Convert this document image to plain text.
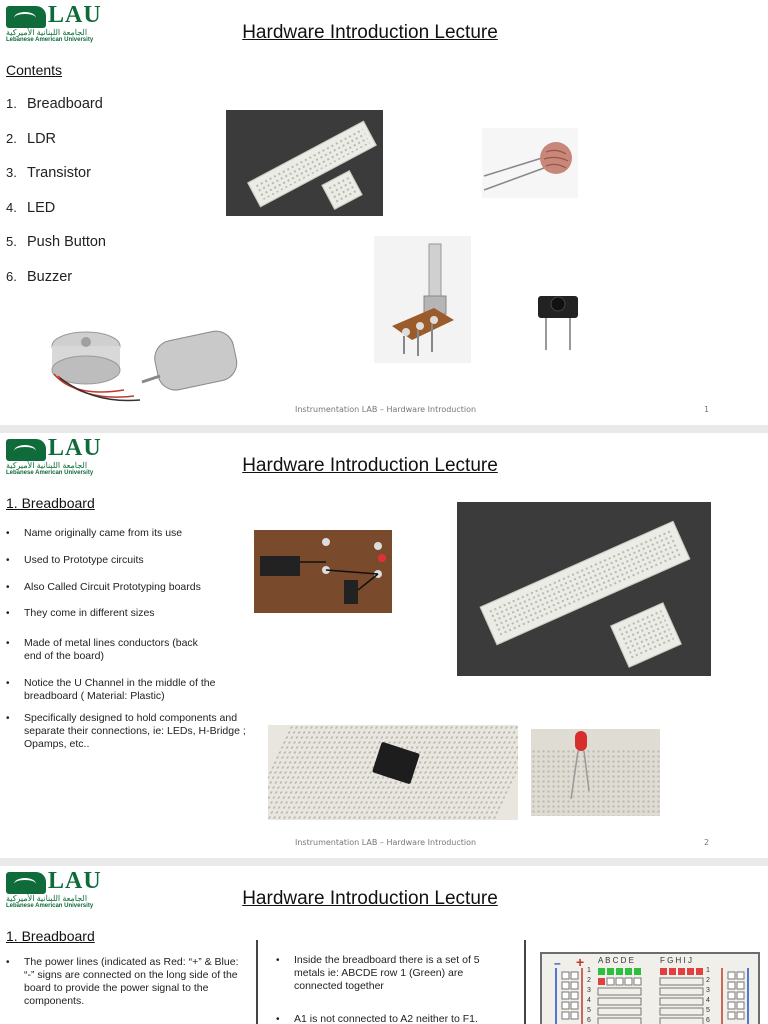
LAU
الجامعة اللبنانية الأميركية
Lebanese American University	Hardware Introduction Lecture
Contents
1. Breadboard
2. LDR
3. Transistor
4. LED
5. Push Button
6. Buzzer
Instrumentation LAB – Hardware Introduction	1
LAU
الجامعة اللبنانية الأميركية
Lebanese American University	Hardware Introduction Lecture
1. Breadboard
• Name originally came from its use
• Used to Prototype circuits
• Also Called Circuit Prototyping boards
• They come in different sizes
• Made of metal lines conductors (back end of the board)
• Notice the U Channel in the middle of the breadboard ( Material: Plastic)
• Specifically designed to hold components and separate their connections, ie: LEDs, H-Bridge ; Opamps, etc..
Instrumentation LAB – Hardware Introduction	2
LAU
الجامعة اللبنانية الأميركية
Lebanese American University	Hardware Introduction Lecture
1. Breadboard
• The power lines (indicated as Red: “+” & Blue: “-” signs are connected on the long side of the board to provide the power signal to the components.
• Inside the breadboard there is a set of 5 metals ie: ABCDE row 1 (Green) are connected together
• A1 is not connected to A2 neither to F1.
– + A B C D E	F G H I J
1
2
3
4
5
6
1
2
3
4
5
6
